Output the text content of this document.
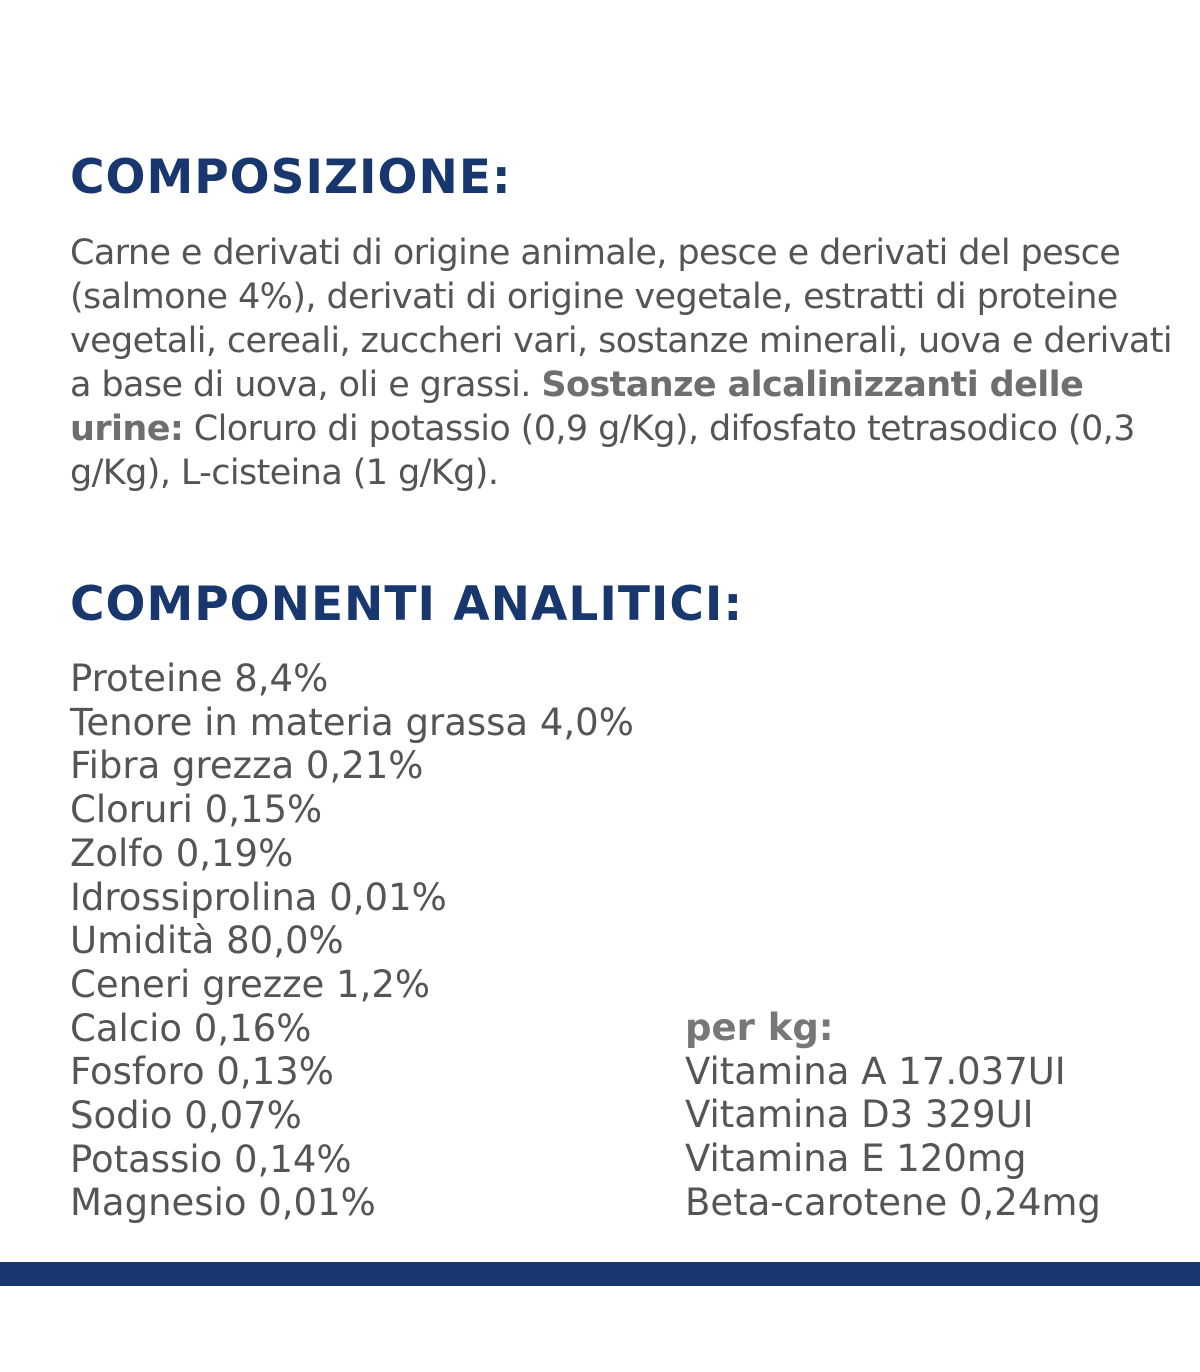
COMPOSIZIONE:

Carne e derivati di origine animale, pesce e derivati del pesce (salmone 4%), derivati di origine vegetale, estratti di proteine vegetali, cereali, zuccheri vari, sostanze minerali, uova e derivati a base di uova, oli e grassi. Sostanze alcalinizzanti delle urine: Cloruro di potassio (0,9 g/Kg), difosfato tetrasodico (0,3 g/Kg), L-cisteina (1 g/Kg).

COMPONENTI ANALITICI:
Proteine 8,4%
Tenore in materia grassa 4,0%
Fibra grezza 0,21%
Cloruri 0,15%
Zolfo 0,19%
Idrossiprolina 0,01%
Umidità 80,0%
Ceneri grezze 1,2%
Calcio 0,16%
Fosforo 0,13%
Sodio 0,07%
Potassio 0,14%
Magnesio 0,01%
per kg:
Vitamina A 17.037UI
Vitamina D3 329UI
Vitamina E 120mg
Beta-carotene 0,24mg
